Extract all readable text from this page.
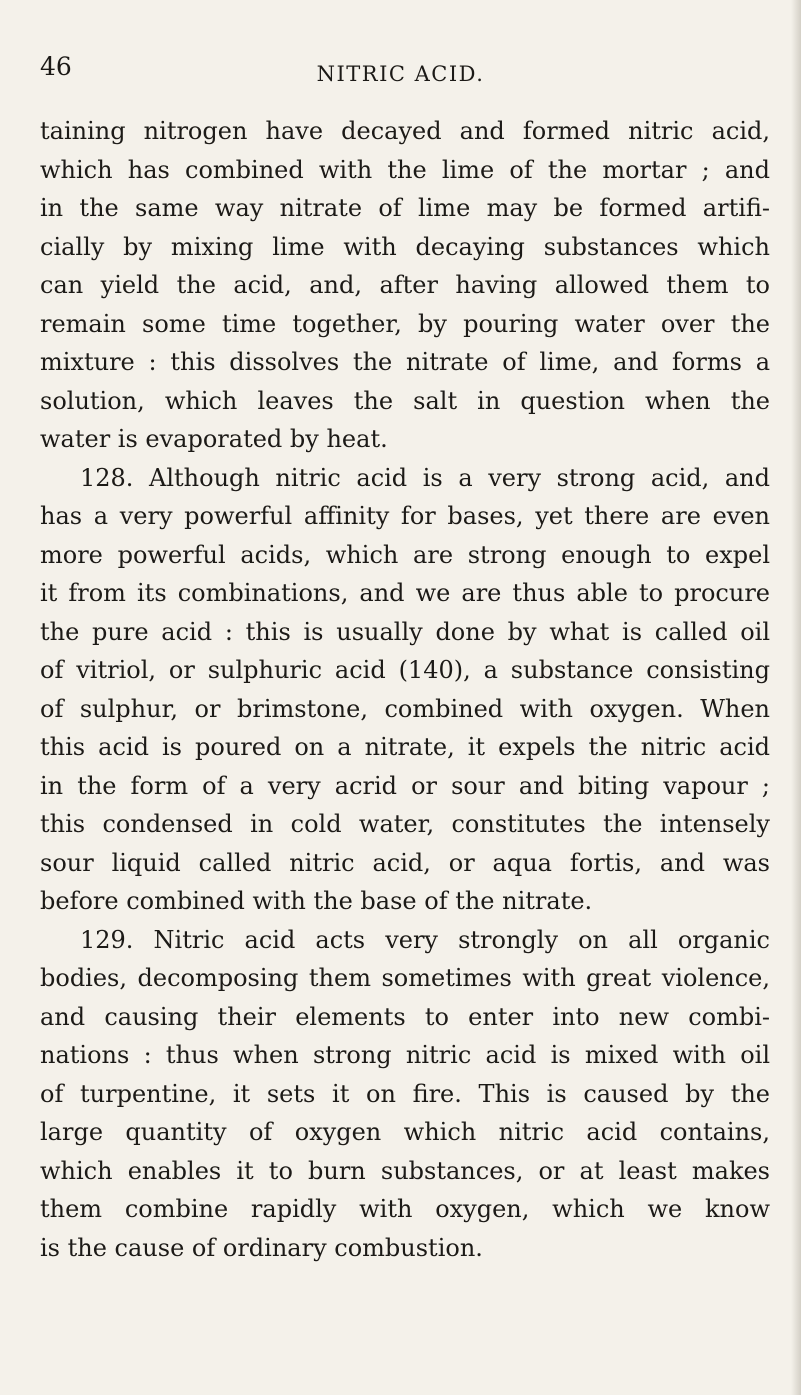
46	NITRIC ACID.
taining nitrogen have decayed and formed nitric acid,
which has combined with the lime of the mortar ; and
in the same way nitrate of lime may be formed artifi-
cially by mixing lime with decaying substances which
can yield the acid, and, after having allowed them to
remain some time together, by pouring water over the
mixture : this dissolves the nitrate of lime, and forms a
solution, which leaves the salt in question when the
water is evaporated by heat.
128. Although nitric acid is a very strong acid, and
has a very powerful affinity for bases, yet there are even
more powerful acids, which are strong enough to expel
it from its combinations, and we are thus able to procure
the pure acid : this is usually done by what is called oil
of vitriol, or sulphuric acid (140), a substance consisting
of sulphur, or brimstone, combined with oxygen. When
this acid is poured on a nitrate, it expels the nitric acid
in the form of a very acrid or sour and biting vapour ;
this condensed in cold water, constitutes the intensely
sour liquid called nitric acid, or aqua fortis, and was
before combined with the base of the nitrate.
129. Nitric acid acts very strongly on all organic
bodies, decomposing them sometimes with great violence,
and causing their elements to enter into new combi-
nations : thus when strong nitric acid is mixed with oil
of turpentine, it sets it on fire. This is caused by the
large quantity of oxygen which nitric acid contains,
which enables it to burn substances, or at least makes
them combine rapidly with oxygen, which we know
is the cause of ordinary combustion.
